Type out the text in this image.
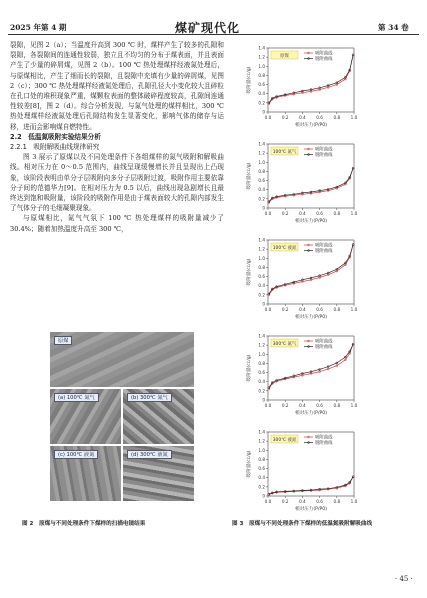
2025 年第 4 期	煤矿现代化	第 34 卷

裂隙，见图 2（a）；当温度升高到 300 ℃ 时，煤样产生了较多的孔隙和裂隙，各裂隙间的连通性较弱，独立且不均匀的分布于煤表面，并且表面产生了少量的碎屑煤，见图 2（b）。100 ℃ 热处理煤样经液氮处理后，与原煤相比，产生了细而长的裂隙，且裂隙中充填有少量的碎屑煤，见图 2（c）；300 ℃ 热处理煤样经液氮处理后，孔隙孔径大小变化较大且碎粒在孔口处的堆积现象严重，煤颗粒表面的整体破碎程度较高，孔隙间连通性较差[8]，图 2（d）。综合分析发现，与氮气处理的煤样相比，300 ℃ 热处理煤样经液氮处理后孔隙结构发生显著变化，影响气体的储存与运移，进而会影响煤自燃特性。

2.2　低温氮吸附实验结果分析

2.2.1　吸附解吸曲线规律研究

图 3 展示了原煤以及不同处理条件下各组煤样的氮气吸附和解吸曲线。相对压力在 0～0.5 范围内，曲线呈现缓慢增长并且呈现出上凸现象，该阶段表明由单分子层吸附向多分子层吸附过渡，吸附作用主要依靠分子间的范德华力[9]。在相对压力为 0.5 以后，曲线出现急剧增长且最终达到饱和吸附量，该阶段的吸附作用是由于煤表面较大的孔隙内部发生了气体分子的毛细凝聚现象。

与原煤相比，氮气气氛下 100 ℃ 热处理煤样的吸附量减少了 30.4%；随着加热温度升高至 300 ℃，

原煤
(a) 100℃ 氮气	(b) 300℃ 氮气
(c) 100℃ 液氮	(d) 300℃ 液氮
图 2　原煤与不同处理条件下煤样的扫描电镜结果
0
0.2
0.4
0.6
0.8
1.0
1.2
1.4
0.0	0.2	0.4	0.6	0.8	1.0
相对压力(P/P0)
吸附量(cc/g)
原煤	吸附曲线
脱附曲线
0
0.2
0.4
0.6
0.8
1.0
1.2
1.4
0.0	0.2	0.4	0.6	0.8	1.0
相对压力(P/P0)
吸附量(cc/g)
100℃ 氮气	吸附曲线
脱附曲线
0
0.2
0.4
0.6
0.8
1.0
1.2
1.4
0.0	0.2	0.4	0.6	0.8	1.0
相对压力(P/P0)
吸附量(cc/g)
100℃ 液氮	吸附曲线
脱附曲线
0
0.2
0.4
0.6
0.8
1.0
1.2
1.4
0.0	0.2	0.4	0.6	0.8	1.0
相对压力(P/P0)
吸附量(cc/g)
300℃ 氮气	吸附曲线
脱附曲线
0
0.2
0.4
0.6
0.8
1.0
1.2
1.4
0.0	0.2	0.4	0.6	0.8	1.0
相对压力(P/P0)
吸附量(cc/g)
300℃ 液氮	吸附曲线
脱附曲线
图 3　原煤与不同处理条件下煤样的低温氮吸附解吸曲线
· 45 ·
